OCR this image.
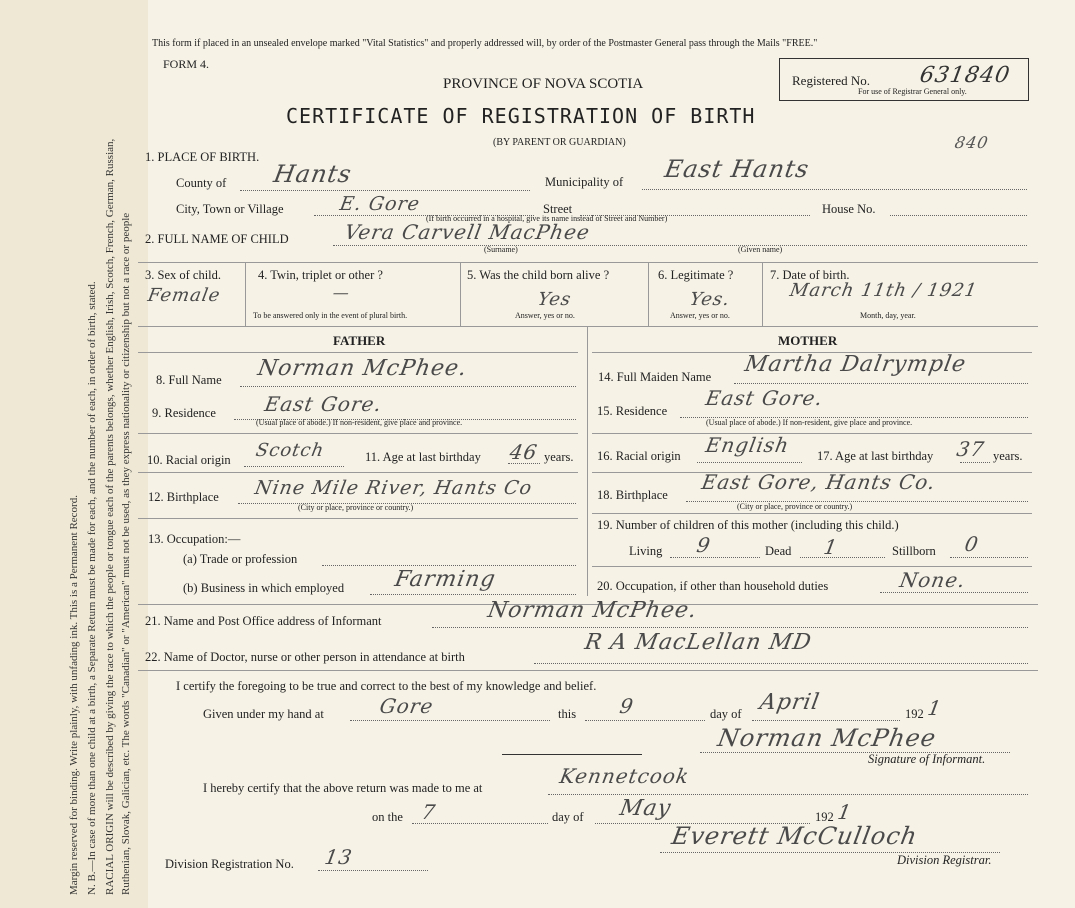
Margin reserved for binding. Write plainly, with unfading ink. This is a Permanent Record. N. B.—In case of more than one child at a birth, a Separate Return must be made for each, and the number of each, in order of birth, stated. RACIAL ORIGIN will be described by giving the race to which the people or tongue each of the parents belongs, whether English, Irish, Scotch, French, German, Russian, Ruthenian, Slovak, Galician, etc. The words "Canadian" or "American" must not be used, as they express nationality or citizenship but not a race or people
This form if placed in an unsealed envelope marked "Vital Statistics" and properly addressed will, by order of the Postmaster General pass through the Mails "FREE."
FORM 4.
PROVINCE OF NOVA SCOTIA
CERTIFICATE OF REGISTRATION OF BIRTH
(BY PARENT OR GUARDIAN)
Registered No.
For use of Registrar General only.
631840
840
1. PLACE OF BIRTH.
County of Hants	Municipality of East Hants
City, Town or Village	E. Gore	Street	House No.
(If birth occurred in a hospital, give its name instead of Street and Number)
2. FULL NAME OF CHILD	Vera Carvell MacPhee
(Surname)	(Given name)
3. Sex of child.
Female
4. Twin, triplet or other ?
—
To be answered only in the event of plural birth.
5. Was the child born alive ?
Yes
Answer, yes or no.
6. Legitimate ?
Yes.
Answer, yes or no.
7. Date of birth.
March 11th / 1921
Month, day, year.
FATHER	MOTHER
8. Full Name Norman McPhee.
9. Residence East Gore.
(Usual place of abode.) If non-resident, give place and province.
10. Racial origin Scotch	11. Age at last birthday 46 years.
12. Birthplace Nine Mile River, Hants Co
(City or place, province or country.)
13. Occupation:—
(a) Trade or profession
(b) Business in which employed Farming
14. Full Maiden Name Martha Dalrymple
15. Residence
East Gore.
(Usual place of abode.) If non-resident, give place and province.
16. Racial origin English 17. Age at last birthday 37 years.
18. Birthplace
East Gore, Hants Co.
(City or place, province or country.)
19. Number of children of this mother (including this child.)
Living 9	Dead 1	Stillborn 0
20. Occupation, if other than household duties	None.
21. Name and Post Office address of Informant	Norman McPhee.
22. Name of Doctor, nurse or other person in attendance at birth
R A MacLellan MD
I certify the foregoing to be true and correct to the best of my knowledge and belief.
Given under my hand at	Gore	this 9	day of April	192 1
Norman McPhee
Signature of Informant.
I hereby certify that the above return was made to me at	Kennetcook
on the 7	day of May	192 1
Everett McCulloch
Division Registrar.
Division Registration No. 13
